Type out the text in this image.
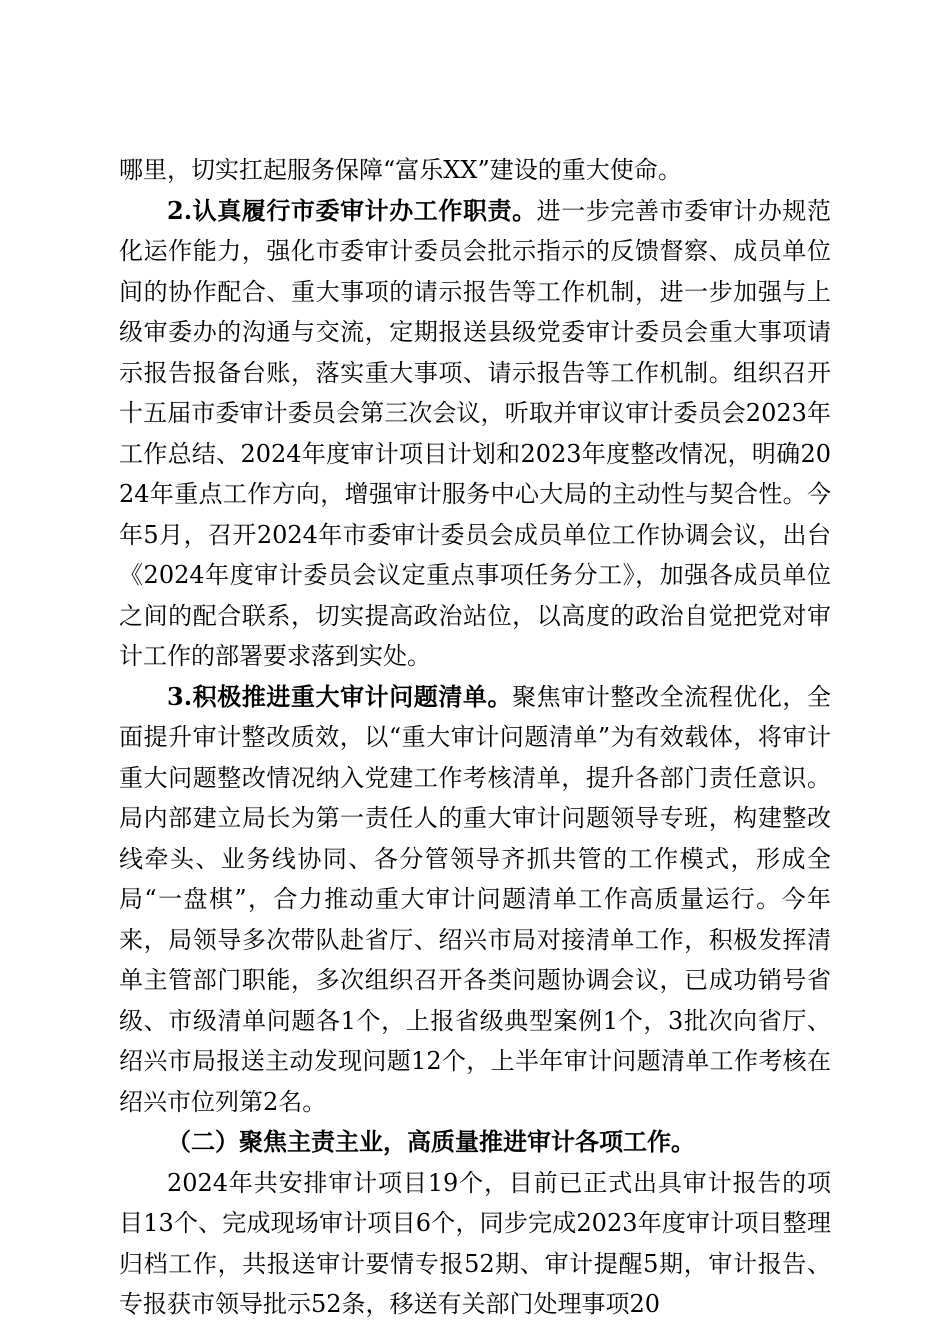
哪里，切实扛起服务保障“富乐XX”建设的重大使命。

2.认真履行市委审计办工作职责。进一步完善市委审计办规范化运作能力，强化市委审计委员会批示指示的反馈督察、成员单位间的协作配合、重大事项的请示报告等工作机制，进一步加强与上级审委办的沟通与交流，定期报送县级党委审计委员会重大事项请示报告报备台账，落实重大事项、请示报告等工作机制。组织召开十五届市委审计委员会第三次会议，听取并审议审计委员会2023年工作总结、2024年度审计项目计划和2023年度整改情况，明确2024年重点工作方向，增强审计服务中心大局的主动性与契合性。今年5月，召开2024年市委审计委员会成员单位工作协调会议，出台《2024年度审计委员会议定重点事项任务分工》，加强各成员单位之间的配合联系，切实提高政治站位，以高度的政治自觉把党对审计工作的部署要求落到实处。

3.积极推进重大审计问题清单。聚焦审计整改全流程优化，全面提升审计整改质效，以“重大审计问题清单”为有效载体，将审计重大问题整改情况纳入党建工作考核清单，提升各部门责任意识。局内部建立局长为第一责任人的重大审计问题领导专班，构建整改线牵头、业务线协同、各分管领导齐抓共管的工作模式，形成全局“一盘棋”，合力推动重大审计问题清单工作高质量运行。今年来，局领导多次带队赴省厅、绍兴市局对接清单工作，积极发挥清单主管部门职能，多次组织召开各类问题协调会议，已成功销号省级、市级清单问题各1个，上报省级典型案例1个，3批次向省厅、绍兴市局报送主动发现问题12个，上半年审计问题清单工作考核在绍兴市位列第2名。

（二）聚焦主责主业，高质量推进审计各项工作。

2024年共安排审计项目19个，目前已正式出具审计报告的项目13个、完成现场审计项目6个，同步完成2023年度审计项目整理归档工作，共报送审计要情专报52期、审计提醒5期，审计报告、专报获市领导批示52条，移送有关部门处理事项20
